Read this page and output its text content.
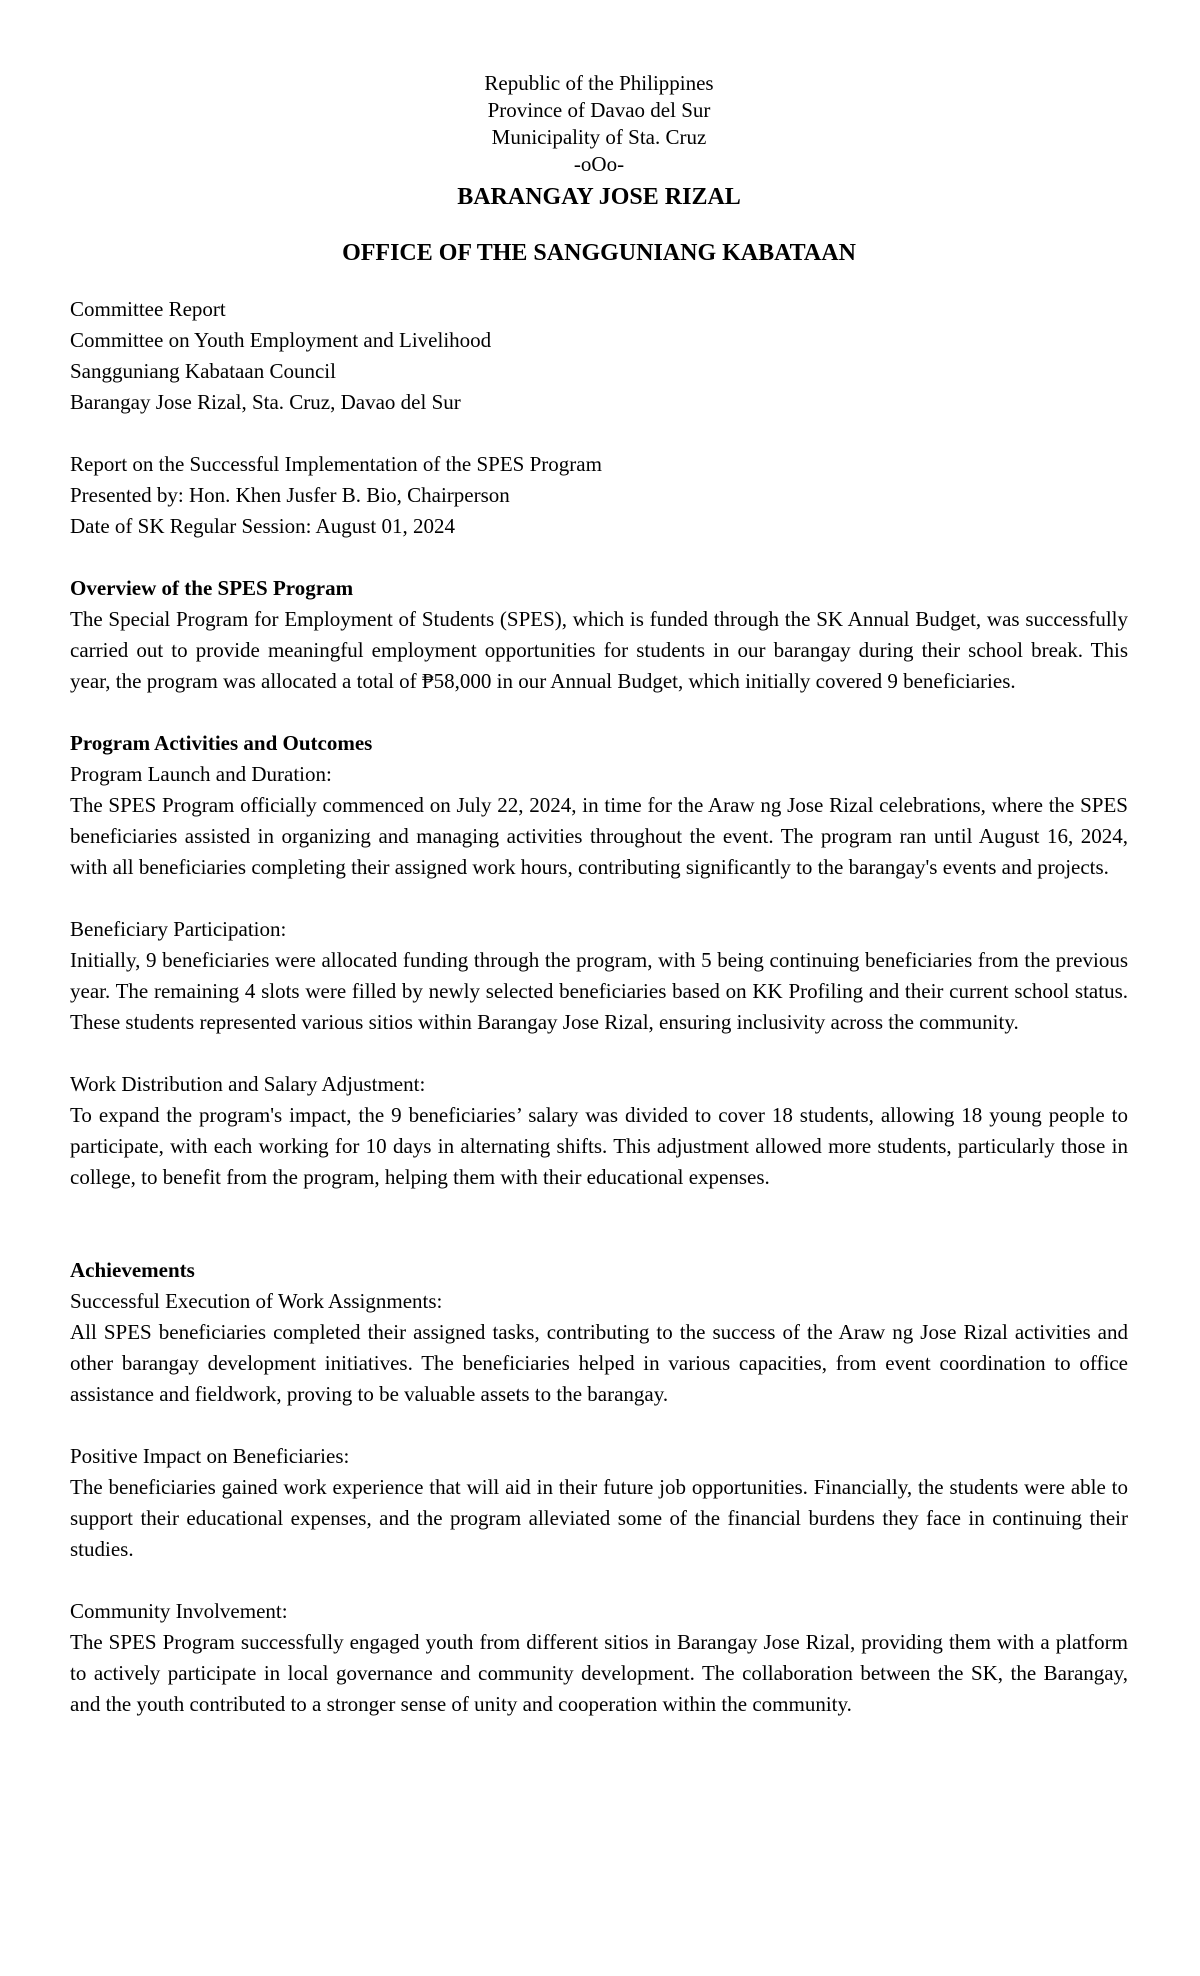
Republic of the Philippines
Province of Davao del Sur
Municipality of Sta. Cruz
-oOo-
BARANGAY JOSE RIZAL
OFFICE OF THE SANGGUNIANG KABATAAN
Committee Report
Committee on Youth Employment and Livelihood
Sangguniang Kabataan Council
Barangay Jose Rizal, Sta. Cruz, Davao del Sur
Report on the Successful Implementation of the SPES Program
Presented by: Hon. Khen Jusfer B. Bio, Chairperson
Date of SK Regular Session: August 01, 2024
Overview of the SPES Program

The Special Program for Employment of Students (SPES), which is funded through the SK Annual Budget, was successfully carried out to provide meaningful employment opportunities for students in our barangay during their school break. This year, the program was allocated a total of ₱58,000 in our Annual Budget, which initially covered 9 beneficiaries.

Program Activities and Outcomes
Program Launch and Duration:

The SPES Program officially commenced on July 22, 2024, in time for the Araw ng Jose Rizal celebrations, where the SPES beneficiaries assisted in organizing and managing activities throughout the event. The program ran until August 16, 2024, with all beneficiaries completing their assigned work hours, contributing significantly to the barangay's events and projects.

Beneficiary Participation:

Initially, 9 beneficiaries were allocated funding through the program, with 5 being continuing beneficiaries from the previous year. The remaining 4 slots were filled by newly selected beneficiaries based on KK Profiling and their current school status. These students represented various sitios within Barangay Jose Rizal, ensuring inclusivity across the community.

Work Distribution and Salary Adjustment:

To expand the program's impact, the 9 beneficiaries’ salary was divided to cover 18 students, allowing 18 young people to participate, with each working for 10 days in alternating shifts. This adjustment allowed more students, particularly those in college, to benefit from the program, helping them with their educational expenses.

Achievements
Successful Execution of Work Assignments:

All SPES beneficiaries completed their assigned tasks, contributing to the success of the Araw ng Jose Rizal activities and other barangay development initiatives. The beneficiaries helped in various capacities, from event coordination to office assistance and fieldwork, proving to be valuable assets to the barangay.

Positive Impact on Beneficiaries:

The beneficiaries gained work experience that will aid in their future job opportunities. Financially, the students were able to support their educational expenses, and the program alleviated some of the financial burdens they face in continuing their studies.

Community Involvement:

The SPES Program successfully engaged youth from different sitios in Barangay Jose Rizal, providing them with a platform to actively participate in local governance and community development. The collaboration between the SK, the Barangay, and the youth contributed to a stronger sense of unity and cooperation within the community.
